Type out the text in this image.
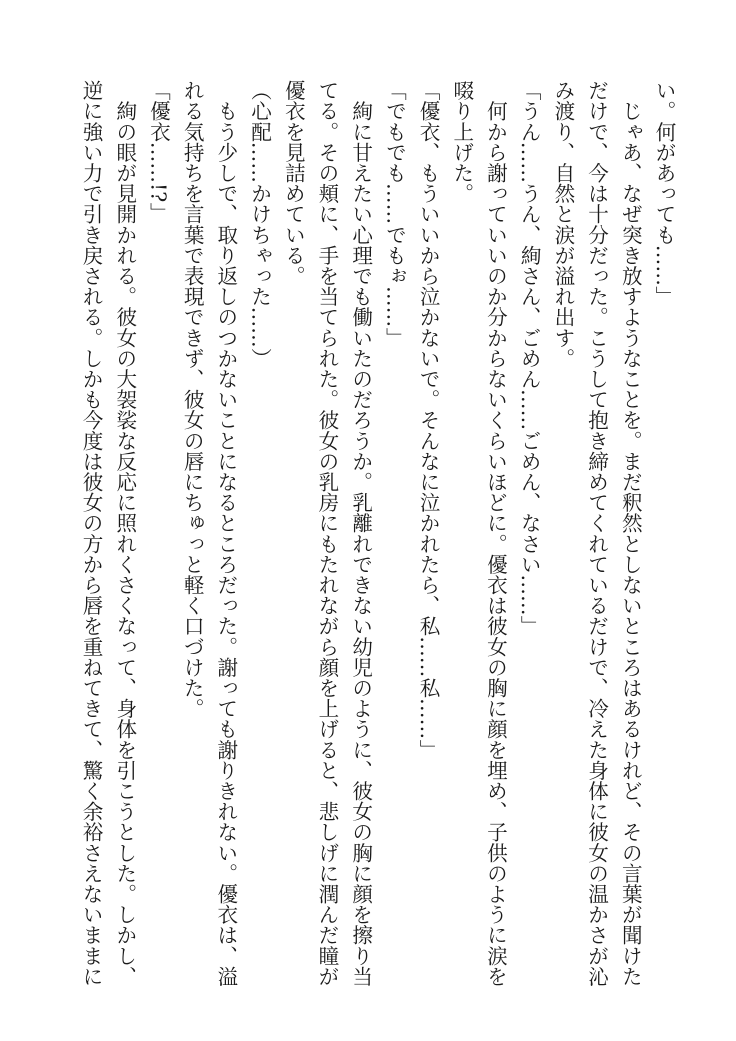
い。何があっても……」
　じゃあ、なぜ突き放すようなことを。まだ釈然としないところはあるけれど、その言葉が聞けた
だけで、今は十分だった。こうして抱き締めてくれているだけで、冷えた身体に彼女の温かさが沁
み渡り、自然と涙が溢れ出す。
「うん……うん、絢さん、ごめん……ごめん、なさい……」
　何から謝っていいのか分からないくらいほどに。優衣は彼女の胸に顔を埋め、子供のように涙を
啜り上げた。
「優衣、もういいから泣かないで。そんなに泣かれたら、私……私……」
「でもでも……でもぉ……」
　絢に甘えたい心理でも働いたのだろうか。乳離れできない幼児のように、彼女の胸に顔を擦り当
てる。その頬に、手を当てられた。彼女の乳房にもたれながら顔を上げると、悲しげに潤んだ瞳が
優衣を見詰めている。
（心配……かけちゃった……）
　もう少しで、取り返しのつかないことになるところだった。謝っても謝りきれない。優衣は、溢
れる気持ちを言葉で表現できず、彼女の唇にちゅっと軽く口づけた。
「優衣……!?」
　絢の眼が見開かれる。彼女の大袈裟な反応に照れくさくなって、身体を引こうとした。しかし、
逆に強い力で引き戻される。しかも今度は彼女の方から唇を重ねてきて、驚く余裕さえないままに
